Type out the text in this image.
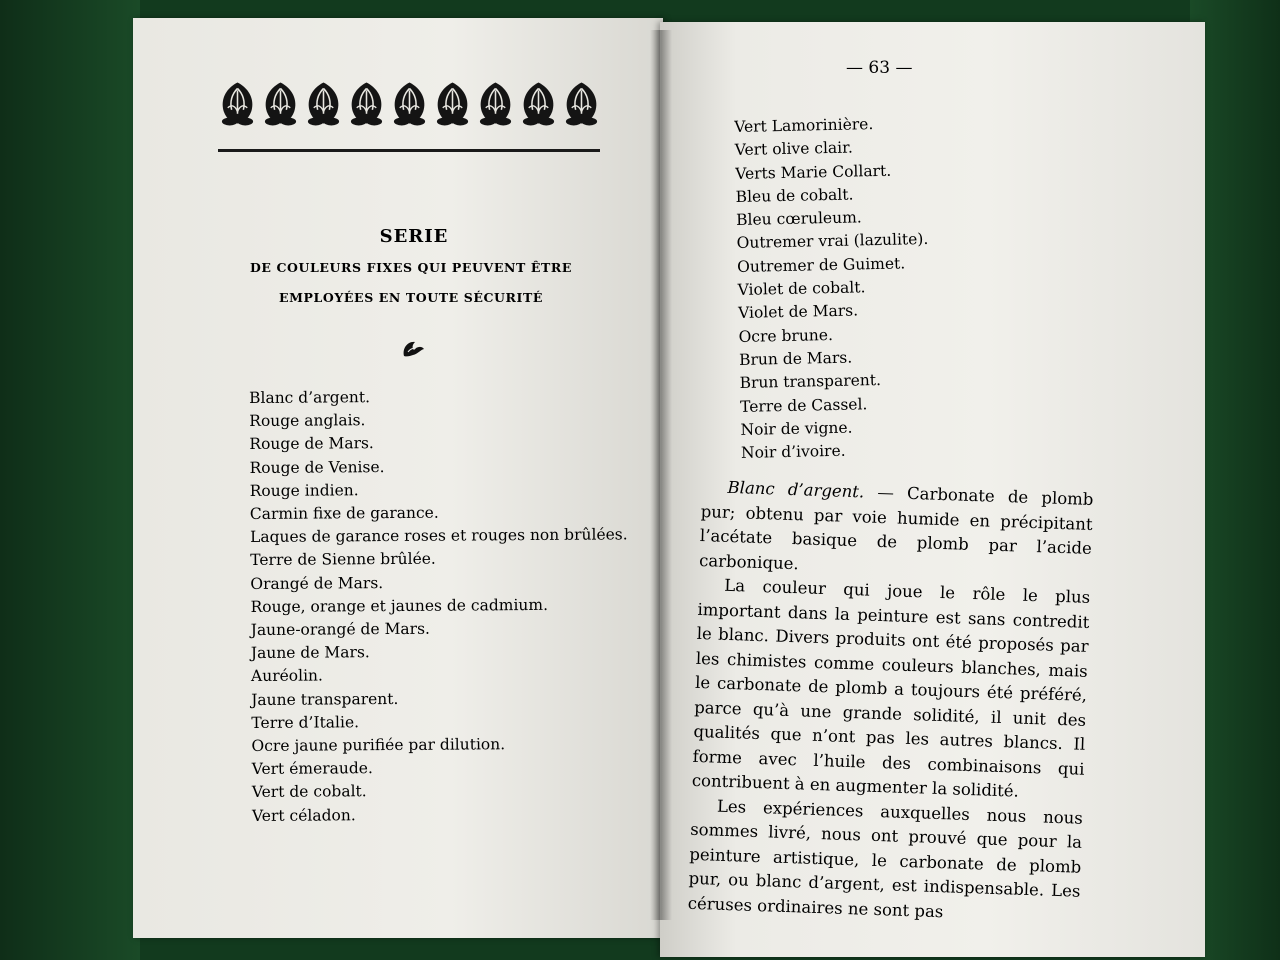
SERIE
DE COULEURS FIXES QUI PEUVENT ÊTRE
EMPLOYÉES EN TOUTE SÉCURITÉ
Blanc d’argent.
Rouge anglais.
Rouge de Mars.
Rouge de Venise.
Rouge indien.
Carmin fixe de garance.
Laques de garance roses et rouges non brûlées.
Terre de Sienne brûlée.
Orangé de Mars.
Rouge, orange et jaunes de cadmium.
Jaune-orangé de Mars.
Jaune de Mars.
Auréolin.
Jaune transparent.
Terre d’Italie.
Ocre jaune purifiée par dilution.
Vert émeraude.
Vert de cobalt.
Vert céladon.
— 63 —
Vert Lamorinière.
Vert olive clair.
Verts Marie Collart.
Bleu de cobalt.
Bleu cœruleum.
Outremer vrai (lazulite).
Outremer de Guimet.
Violet de cobalt.
Violet de Mars.
Ocre brune.
Brun de Mars.
Brun transparent.
Terre de Cassel.
Noir de vigne.
Noir d’ivoire.

Blanc d’argent. — Carbonate de plomb pur; obtenu par voie humide en précipitant l’acétate basique de plomb par l’acide carbonique.

La couleur qui joue le rôle le plus important dans la peinture est sans contredit le blanc. Divers produits ont été proposés par les chimistes comme couleurs blanches, mais le carbonate de plomb a toujours été préféré, parce qu’à une grande solidité, il unit des qualités que n’ont pas les autres blancs. Il forme avec l’huile des combinaisons qui contribuent à en augmenter la solidité.

Les expériences auxquelles nous nous sommes livré, nous ont prouvé que pour la peinture artistique, le carbonate de plomb pur, ou blanc d’argent, est indispensable. Les céruses ordinaires ne sont pas
